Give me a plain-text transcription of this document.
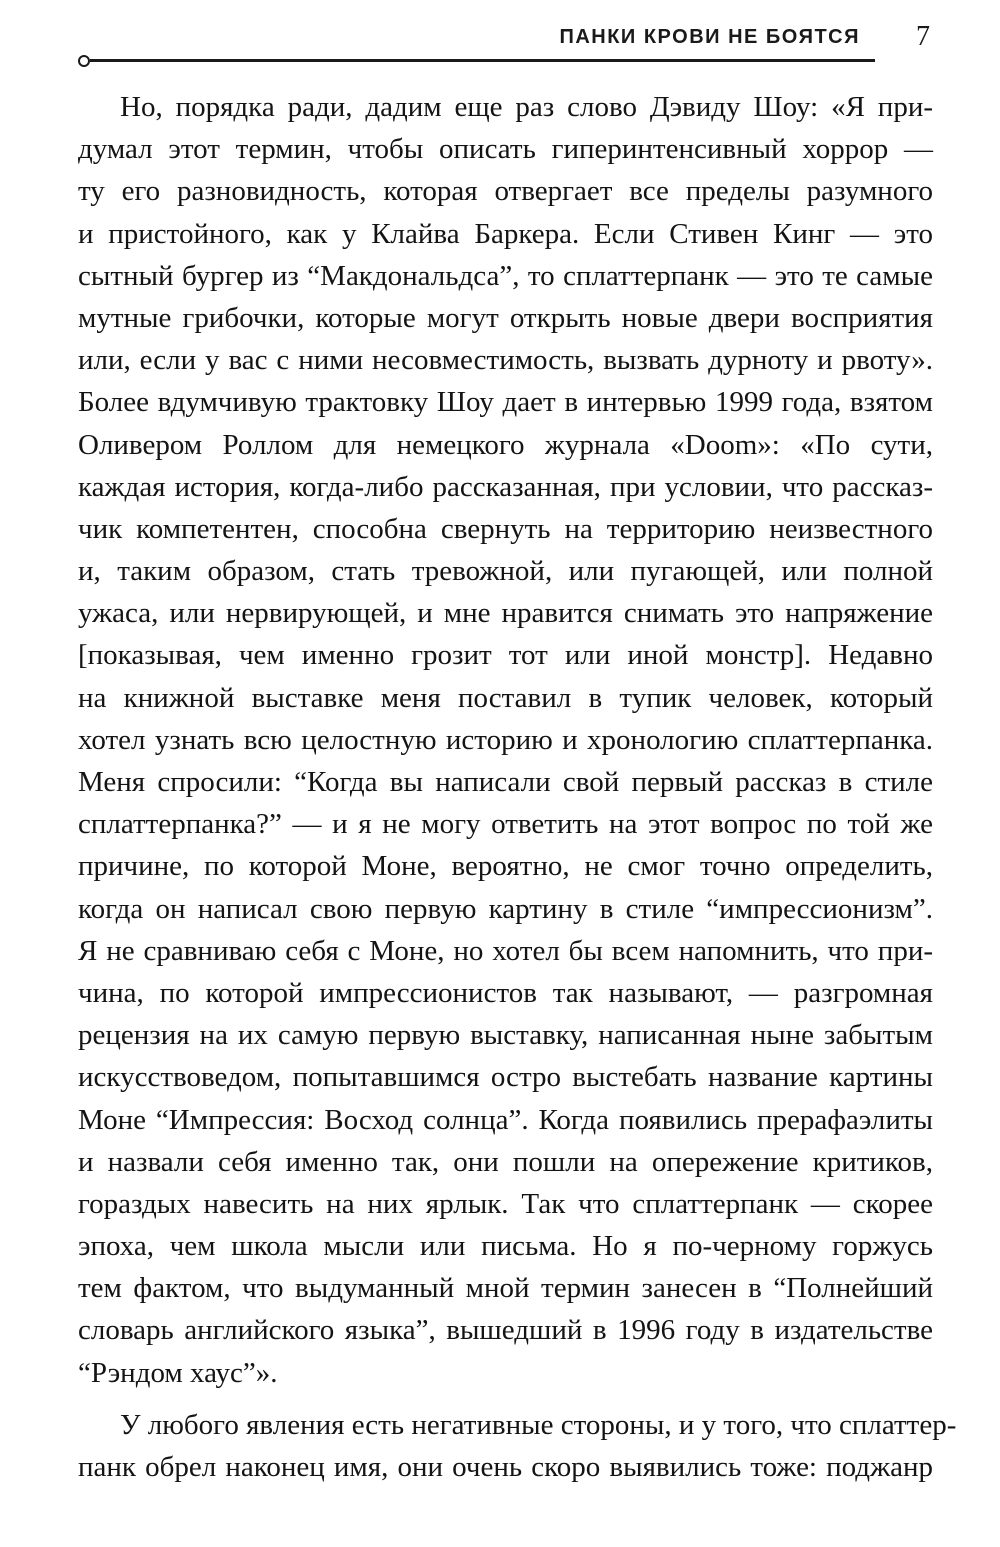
ПАНКИ КРОВИ НЕ БОЯТСЯ 7

Но, порядка ради, дадим еще раз слово Дэвиду Шоу: «Я при-
думал этот термин, чтобы описать гиперинтенсивный хоррор —
ту его разновидность, которая отвергает все пределы разумного
и пристойного, как у Клайва Баркера. Если Стивен Кинг — это
сытный бургер из “Макдональдса”, то сплаттерпанк — это те самые
мутные грибочки, которые могут открыть новые двери восприятия
или, если у вас с ними несовместимость, вызвать дурноту и рвоту».
Более вдумчивую трактовку Шоу дает в интервью 1999 года, взятом
Оливером Роллом для немецкого журнала «Doom»: «По сути,
каждая история, когда-либо рассказанная, при условии, что рассказ-
чик компетентен, способна свернуть на территорию неизвестного
и, таким образом, стать тревожной, или пугающей, или полной
ужаса, или нервирующей, и мне нравится снимать это напряжение
[показывая, чем именно грозит тот или иной монстр]. Недавно
на книжной выставке меня поставил в тупик человек, который
хотел узнать всю целостную историю и хронологию сплаттерпанка.
Меня спросили: “Когда вы написали свой первый рассказ в стиле
сплаттерпанка?” — и я не могу ответить на этот вопрос по той же
причине, по которой Моне, вероятно, не смог точно определить,
когда он написал свою первую картину в стиле “импрессионизм”.
Я не сравниваю себя с Моне, но хотел бы всем напомнить, что при-
чина, по которой импрессионистов так называют, — разгромная
рецензия на их самую первую выставку, написанная ныне забытым
искусствоведом, попытавшимся остро выстебать название картины
Моне “Импрессия: Восход солнца”. Когда появились прерафаэлиты
и назвали себя именно так, они пошли на опережение критиков,
гораздых навесить на них ярлык. Так что сплаттерпанк — скорее
эпоха, чем школа мысли или письма. Но я по-черному горжусь
тем фактом, что выдуманный мной термин занесен в “Полнейший
словарь английского языка”, вышедший в 1996 году в издательстве
“Рэндом хаус”».

У любого явления есть негативные стороны, и у того, что сплаттер-
панк обрел наконец имя, они очень скоро выявились тоже: поджанр
